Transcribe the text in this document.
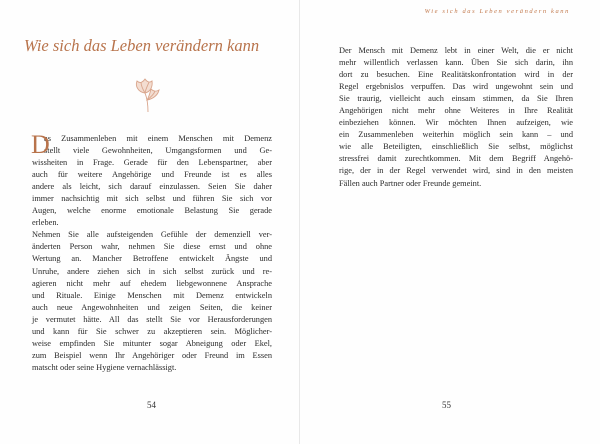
Wie sich das Leben verändern kann
D
as Zusammenleben mit einem Menschen mit Demenz
stellt viele Gewohnheiten, Umgangsformen und Ge-
wissheiten in Frage. Gerade für den Lebenspartner, aber
auch für weitere Angehörige und Freunde ist es alles
andere als leicht, sich darauf einzulassen. Seien Sie daher
immer nachsichtig mit sich selbst und führen Sie sich vor
Augen, welche enorme emotionale Belastung Sie gerade
erleben.
Nehmen Sie alle aufsteigenden Gefühle der demenziell ver-
änderten Person wahr, nehmen Sie diese ernst und ohne
Wertung an. Mancher Betroffene entwickelt Ängste und
Unruhe, andere ziehen sich in sich selbst zurück und re-
agieren nicht mehr auf ehedem liebgewonnene Ansprache
und Rituale. Einige Menschen mit Demenz entwickeln
auch neue Angewohnheiten und zeigen Seiten, die keiner
je vermutet hätte. All das stellt Sie vor Herausforderungen
und kann für Sie schwer zu akzeptieren sein. Möglicher-
weise empfinden Sie mitunter sogar Abneigung oder Ekel,
zum Beispiel wenn Ihr Angehöriger oder Freund im Essen
matscht oder seine Hygiene vernachlässigt.
54
Wie sich das Leben verändern kann
55
Der Mensch mit Demenz lebt in einer Welt, die er nicht
mehr willentlich verlassen kann. Üben Sie sich darin, ihn
dort zu besuchen. Eine Realitätskonfrontation wird in der
Regel ergebnislos verpuffen. Das wird ungewohnt sein und
Sie traurig, vielleicht auch einsam stimmen, da Sie Ihren
Angehörigen nicht mehr ohne Weiteres in Ihre Realität
einbeziehen können. Wir möchten Ihnen aufzeigen, wie
ein Zusammenleben weiterhin möglich sein kann – und
wie alle Beteiligten, einschließlich Sie selbst, möglichst
stressfrei damit zurechtkommen. Mit dem Begriff Angehö-
rige, der in der Regel verwendet wird, sind in den meisten
Fällen auch Partner oder Freunde gemeint.
